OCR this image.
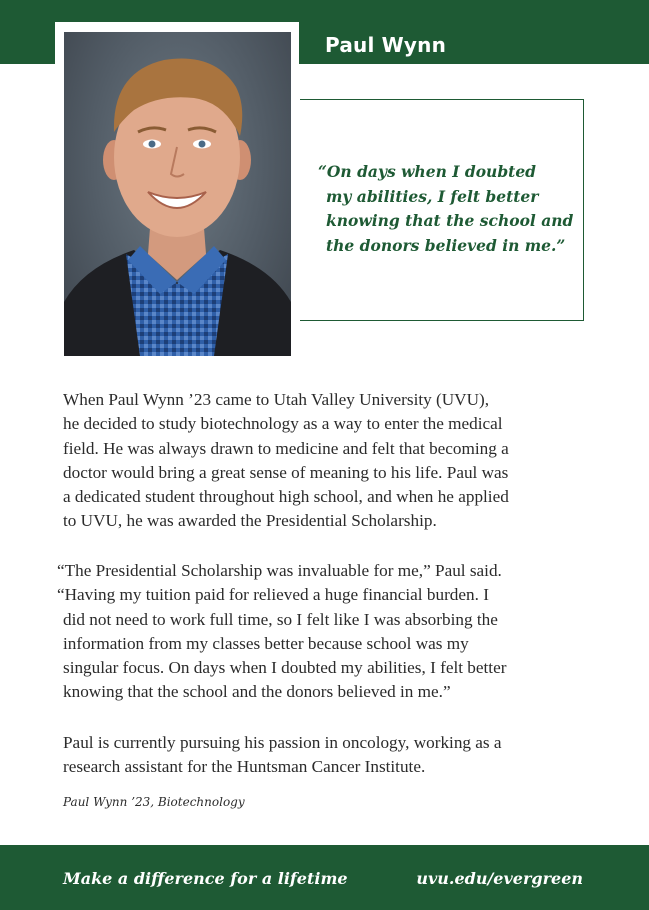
Paul Wynn
“On days when I doubted
my abilities, I felt better
knowing that the school and
the donors believed in me.”
When Paul Wynn ’23 came to Utah Valley University (UVU),
he decided to study biotechnology as a way to enter the medical
field. He was always drawn to medicine and felt that becoming a
doctor would bring a great sense of meaning to his life. Paul was
a dedicated student throughout high school, and when he applied
to UVU, he was awarded the Presidential Scholarship.
“The Presidential Scholarship was invaluable for me,” Paul said.
“Having my tuition paid for relieved a huge financial burden. I
did not need to work full time, so I felt like I was absorbing the
information from my classes better because school was my
singular focus. On days when I doubted my abilities, I felt better
knowing that the school and the donors believed in me.”
Paul is currently pursuing his passion in oncology, working as a
research assistant for the Huntsman Cancer Institute.
Paul Wynn ’23, Biotechnology
Make a difference for a lifetime	uvu.edu/evergreen
